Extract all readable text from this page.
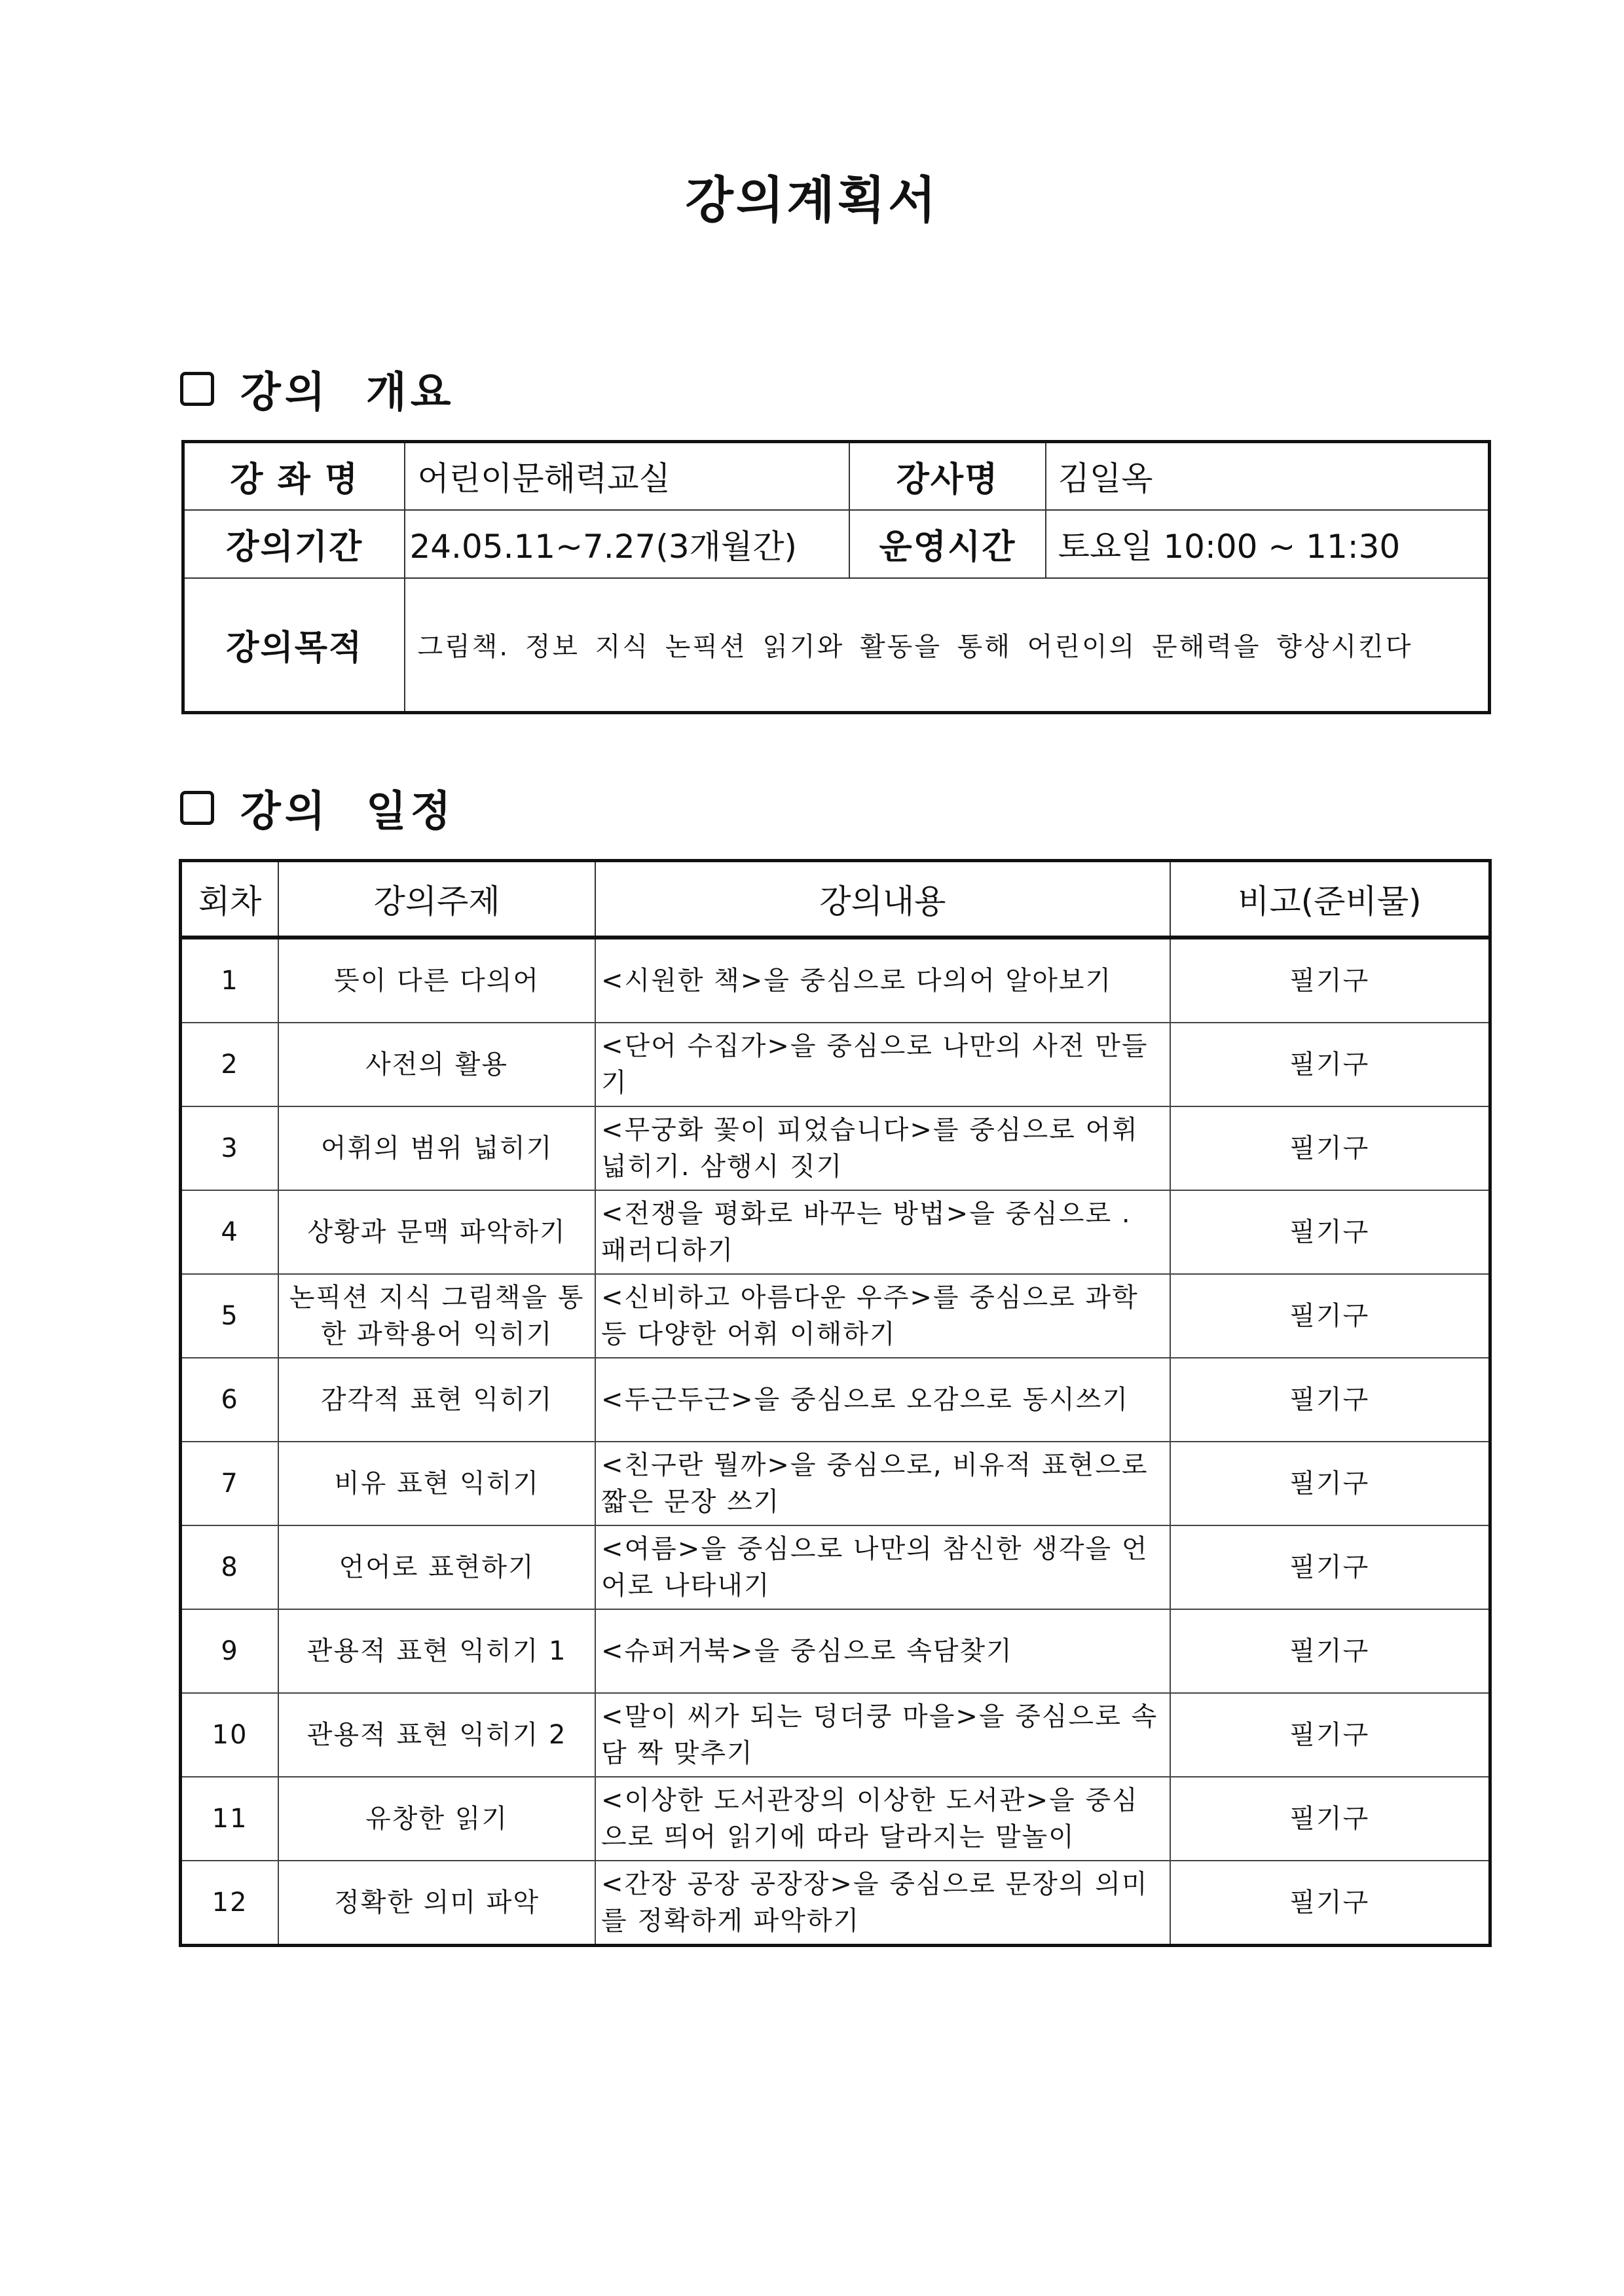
강의계획서
강의 개요
강 좌 명	어린이문해력교실	강사명	김일옥
강의기간	24.05.11~7.27(3개월간)	운영시간	토요일 10:00 ~ 11:30
강의목적	그림책. 정보 지식 논픽션 읽기와 활동을 통해 어린이의 문해력을 향상시킨다		
강의 일정
회차	강의주제	강의내용	비고(준비물)
1	뜻이 다른 다의어	<시원한 책>을 중심으로 다의어 알아보기	필기구
2	사전의 활용	<단어 수집가>을 중심으로 나만의 사전 만들기	필기구
3	어휘의 범위 넓히기	<무궁화 꽃이 피었습니다>를 중심으로 어휘 넓히기. 삼행시 짓기	필기구
4	상황과 문맥 파악하기	<전쟁을 평화로 바꾸는 방법>을 중심으로 . 패러디하기	필기구
5	논픽션 지식 그림책을 통한 과학용어 익히기	<신비하고 아름다운 우주>를 중심으로 과학 등 다양한 어휘 이해하기	필기구
6	감각적 표현 익히기	<두근두근>을 중심으로 오감으로 동시쓰기	필기구
7	비유 표현 익히기	<친구란 뭘까>을 중심으로, 비유적 표현으로 짧은 문장 쓰기	필기구
8	언어로 표현하기	<여름>을 중심으로 나만의 참신한 생각을 언어로 나타내기	필기구
9	관용적 표현 익히기 1	<슈퍼거북>을 중심으로 속담찾기	필기구
10	관용적 표현 익히기 2	<말이 씨가 되는 덩더쿵 마을>을 중심으로 속담 짝 맞추기	필기구
11	유창한 읽기	<이상한 도서관장의 이상한 도서관>을 중심으로 띄어 읽기에 따라 달라지는 말놀이	필기구
12	정확한 의미 파악	<간장 공장 공장장>을 중심으로 문장의 의미를 정확하게 파악하기	필기구
